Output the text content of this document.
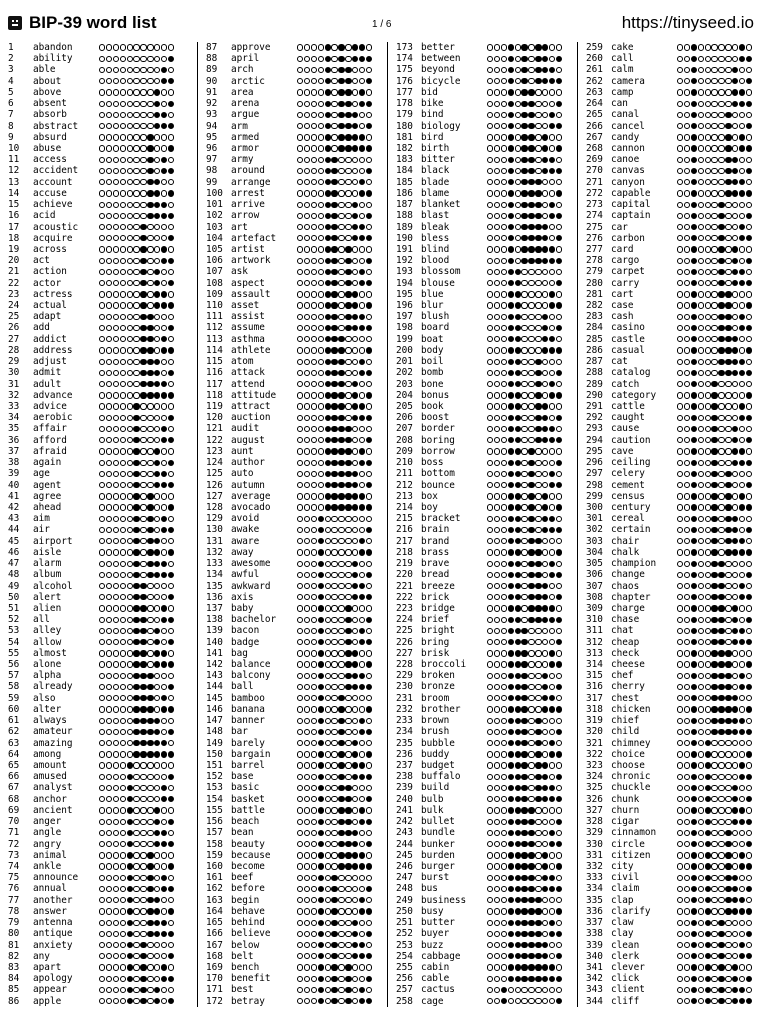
BIP-39 word list	1 / 6	https://tinyseed.io
1	abandon
2	ability
3	able
4	about
5	above
6	absent
7	absorb
8	abstract
9	absurd
10	abuse
11	access
12	accident
13	account
14	accuse
15	achieve
16	acid
17	acoustic
18	acquire
19	across
20	act
21	action
22	actor
23	actress
24	actual
25	adapt
26	add
27	addict
28	address
29	adjust
30	admit
31	adult
32	advance
33	advice
34	aerobic
35	affair
36	afford
37	afraid
38	again
39	age
40	agent
41	agree
42	ahead
43	aim
44	air
45	airport
46	aisle
47	alarm
48	album
49	alcohol
50	alert
51	alien
52	all
53	alley
54	allow
55	almost
56	alone
57	alpha
58	already
59	also
60	alter
61	always
62	amateur
63	amazing
64	among
65	amount
66	amused
67	analyst
68	anchor
69	ancient
70	anger
71	angle
72	angry
73	animal
74	ankle
75	announce
76	annual
77	another
78	answer
79	antenna
80	antique
81	anxiety
82	any
83	apart
84	apology
85	appear
86	apple
87	approve
88	april
89	arch
90	arctic
91	area
92	arena
93	argue
94	arm
95	armed
96	armor
97	army
98	around
99	arrange
100 arrest
101 arrive
102 arrow
103 art
104 artefact
105 artist
106 artwork
107 ask
108 aspect
109 assault
110 asset
111 assist
112 assume
113 asthma
114 athlete
115 atom
116 attack
117 attend
118 attitude
119 attract
120 auction
121 audit
122 august
123 aunt
124 author
125 auto
126 autumn
127 average
128 avocado
129 avoid
130 awake
131 aware
132 away
133 awesome
134 awful
135 awkward
136 axis
137 baby
138 bachelor
139 bacon
140 badge
141 bag
142 balance
143 balcony
144 ball
145 bamboo
146 banana
147 banner
148 bar
149 barely
150 bargain
151 barrel
152 base
153 basic
154 basket
155 battle
156 beach
157 bean
158 beauty
159 because
160 become
161 beef
162 before
163 begin
164 behave
165 behind
166 believe
167 below
168 belt
169 bench
170 benefit
171 best
172 betray
173 better
174 between
175 beyond
176 bicycle
177 bid
178 bike
179 bind
180 biology
181 bird
182 birth
183 bitter
184 black
185 blade
186 blame
187 blanket
188 blast
189 bleak
190 bless
191 blind
192 blood
193 blossom
194 blouse
195 blue
196 blur
197 blush
198 board
199 boat
200 body
201 boil
202 bomb
203 bone
204 bonus
205 book
206 boost
207 border
208 boring
209 borrow
210 boss
211 bottom
212 bounce
213 box
214 boy
215 bracket
216 brain
217 brand
218 brass
219 brave
220 bread
221 breeze
222 brick
223 bridge
224 brief
225 bright
226 bring
227 brisk
228 broccoli
229 broken
230 bronze
231 broom
232 brother
233 brown
234 brush
235 bubble
236 buddy
237 budget
238 buffalo
239 build
240 bulb
241 bulk
242 bullet
243 bundle
244 bunker
245 burden
246 burger
247 burst
248 bus
249 business
250 busy
251 butter
252 buyer
253 buzz
254 cabbage
255 cabin
256 cable
257 cactus
258 cage
259 cake
260 call
261 calm
262 camera
263 camp
264 can
265 canal
266 cancel
267 candy
268 cannon
269 canoe
270 canvas
271 canyon
272 capable
273 capital
274 captain
275 car
276 carbon
277 card
278 cargo
279 carpet
280 carry
281 cart
282 case
283 cash
284 casino
285 castle
286 casual
287 cat
288 catalog
289 catch
290 category
291 cattle
292 caught
293 cause
294 caution
295 cave
296 ceiling
297 celery
298 cement
299 census
300 century
301 cereal
302 certain
303 chair
304 chalk
305 champion
306 change
307 chaos
308 chapter
309 charge
310 chase
311 chat
312 cheap
313 check
314 cheese
315 chef
316 cherry
317 chest
318 chicken
319 chief
320 child
321 chimney
322 choice
323 choose
324 chronic
325 chuckle
326 chunk
327 churn
328 cigar
329 cinnamon
330 circle
331 citizen
332 city
333 civil
334 claim
335 clap
336 clarify
337 claw
338 clay
339 clean
340 clerk
341 clever
342 click
343 client
344 cliff
